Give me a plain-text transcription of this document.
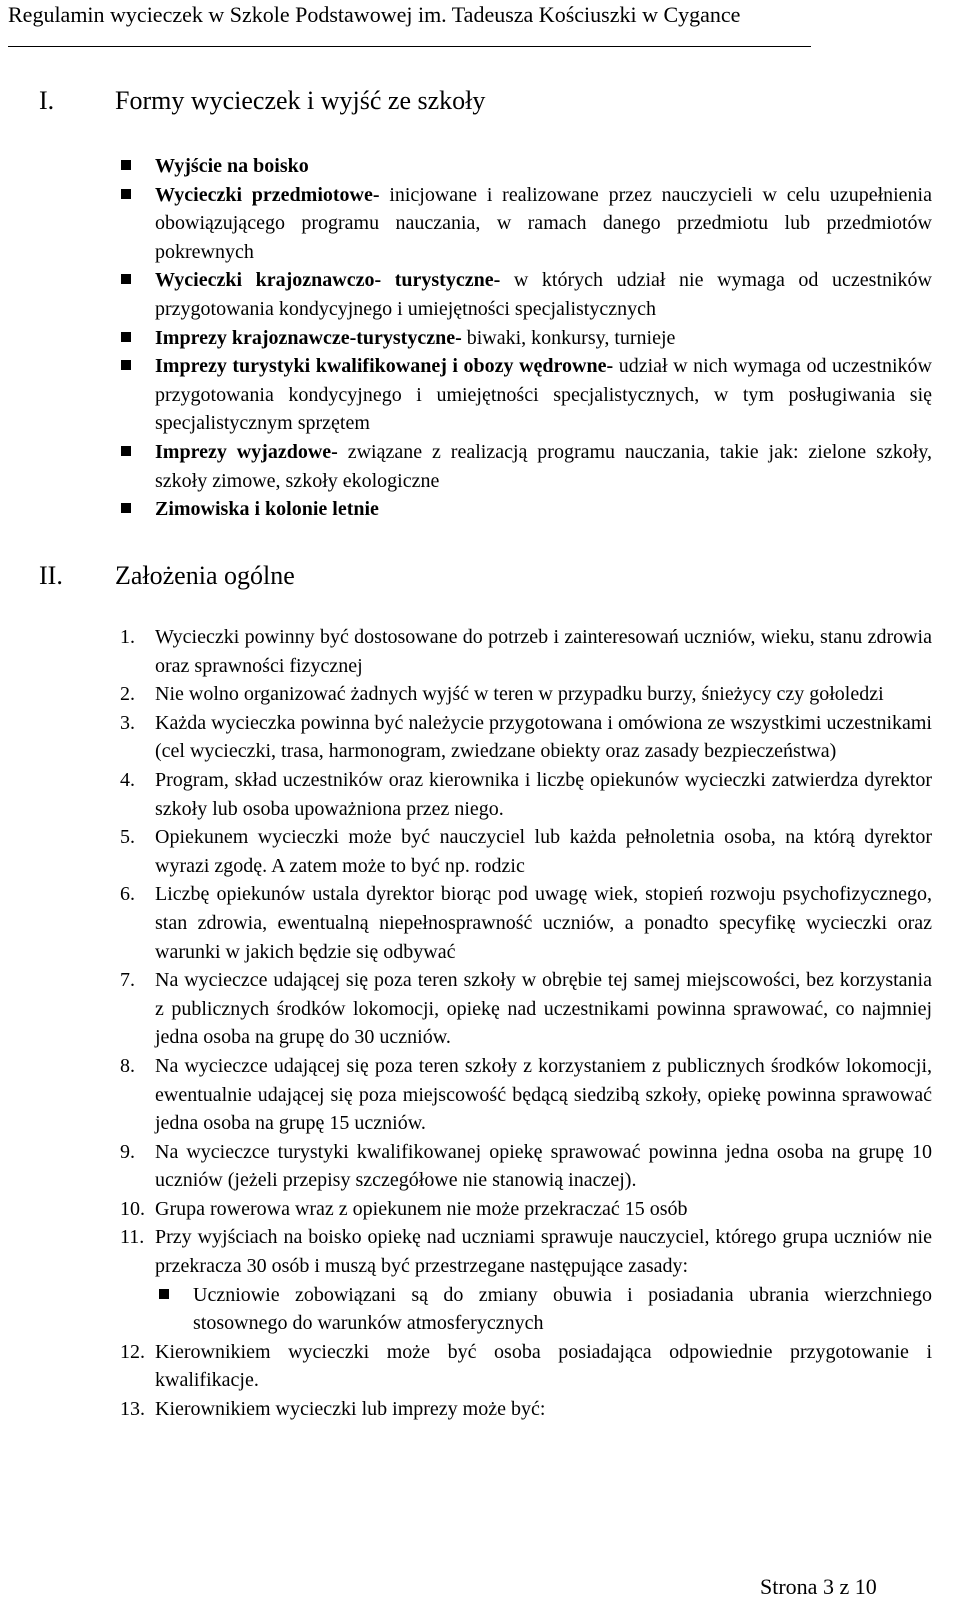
Regulamin wycieczek w Szkole Podstawowej im. Tadeusza Kościuszki w Cygance
I. Formy wycieczek i wyjść ze szkoły

Wyjście na boisko

Wycieczki przedmiotowe- inicjowane i realizowane przez nauczycieli w celu uzupełnienia obowiązującego programu nauczania, w ramach danego przedmiotu lub przedmiotów pokrewnych

Wycieczki krajoznawczo- turystyczne- w których udział nie wymaga od uczestników przygotowania kondycyjnego i umiejętności specjalistycznych

Imprezy krajoznawcze-turystyczne- biwaki, konkursy, turnieje

Imprezy turystyki kwalifikowanej i obozy wędrowne- udział w nich wymaga od uczestników przygotowania kondycyjnego i umiejętności specjalistycznych, w tym posługiwania się specjalistycznym sprzętem

Imprezy wyjazdowe- związane z realizacją programu nauczania, takie jak: zielone szkoły, szkoły zimowe, szkoły ekologiczne

Zimowiska i kolonie letnie

II. Założenia ogólne

1. Wycieczki powinny być dostosowane do potrzeb i zainteresowań uczniów, wieku, stanu zdrowia oraz sprawności fizycznej

2. Nie wolno organizować żadnych wyjść w teren w przypadku burzy, śnieżycy czy gołoledzi

3. Każda wycieczka powinna być należycie przygotowana i omówiona ze wszystkimi uczestnikami (cel wycieczki, trasa, harmonogram, zwiedzane obiekty oraz zasady bezpieczeństwa)

4. Program, skład uczestników oraz kierownika i liczbę opiekunów wycieczki zatwierdza dyrektor szkoły lub osoba upoważniona przez niego.

5. Opiekunem wycieczki może być nauczyciel lub każda pełnoletnia osoba, na którą dyrektor wyrazi zgodę. A zatem może to być np. rodzic

6. Liczbę opiekunów ustala dyrektor biorąc pod uwagę wiek, stopień rozwoju psychofizycznego, stan zdrowia, ewentualną niepełnosprawność uczniów, a ponadto specyfikę wycieczki oraz warunki w jakich będzie się odbywać

7. Na wycieczce udającej się poza teren szkoły w obrębie tej samej miejscowości, bez korzystania z publicznych środków lokomocji, opiekę nad uczestnikami powinna sprawować, co najmniej jedna osoba na grupę do 30 uczniów.

8. Na wycieczce udającej się poza teren szkoły z korzystaniem z publicznych środków lokomocji, ewentualnie udającej się poza miejscowość będącą siedzibą szkoły, opiekę powinna sprawować jedna osoba na grupę 15 uczniów.

9. Na wycieczce turystyki kwalifikowanej opiekę sprawować powinna jedna osoba na grupę 10 uczniów (jeżeli przepisy szczegółowe nie stanowią inaczej).

10. Grupa rowerowa wraz z opiekunem nie może przekraczać 15 osób

11. Przy wyjściach na boisko opiekę nad uczniami sprawuje nauczyciel, którego grupa uczniów nie przekracza 30 osób i muszą być przestrzegane następujące zasady:

Uczniowie zobowiązani są do zmiany obuwia i posiadania ubrania wierzchniego stosownego do warunków atmosferycznych

12. Kierownikiem wycieczki może być osoba posiadająca odpowiednie przygotowanie i kwalifikacje.

13. Kierownikiem wycieczki lub imprezy może być:

Strona 3 z 10
